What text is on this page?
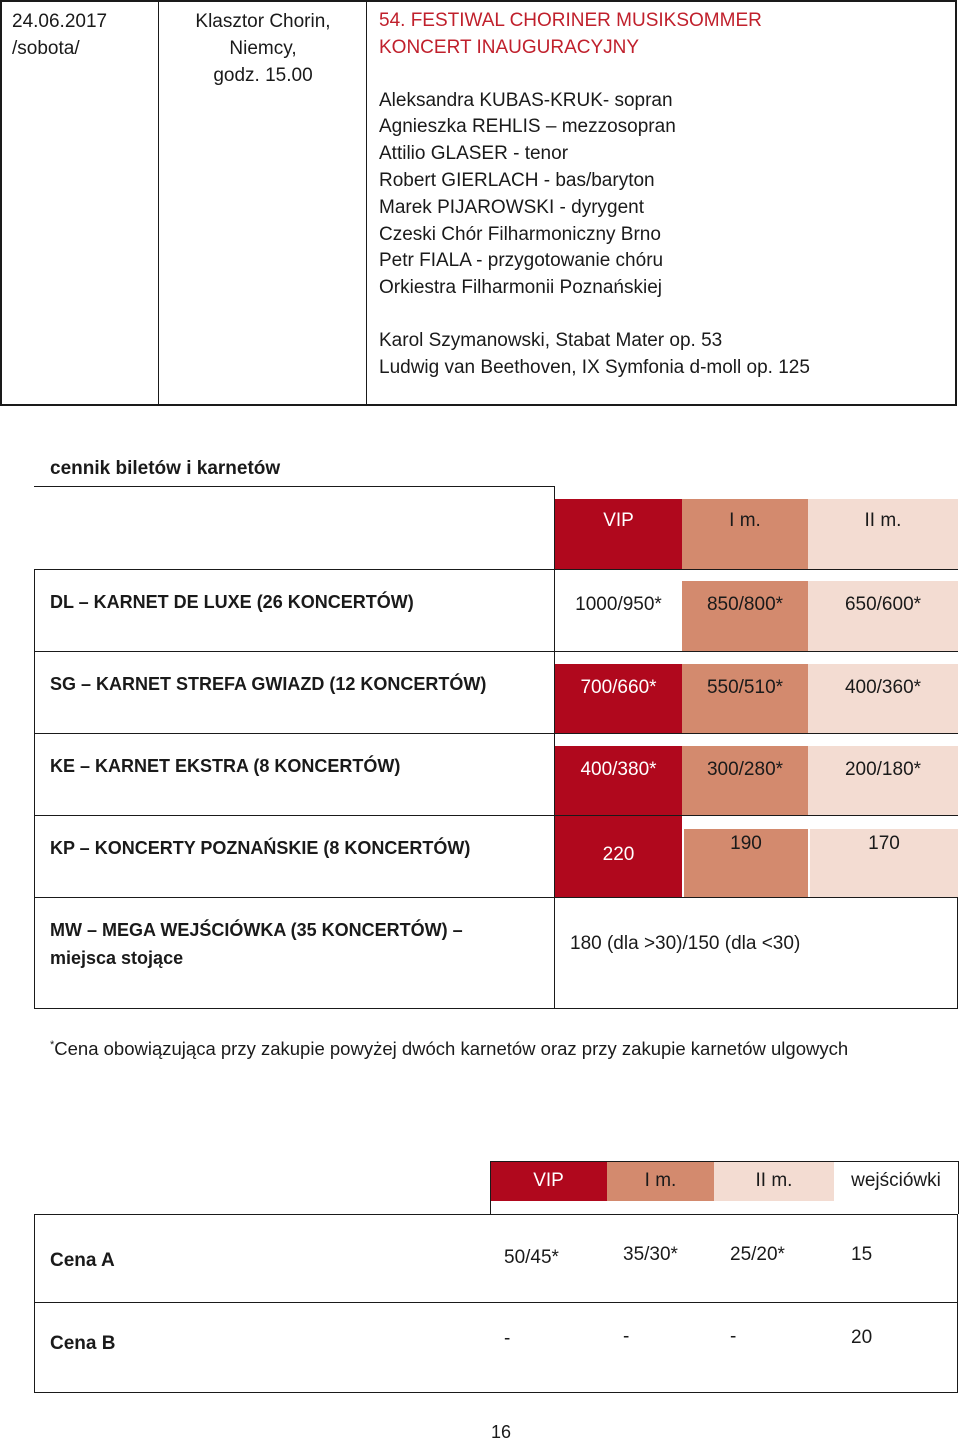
24.06.2017
/sobota/
Klasztor Chorin,
Niemcy,
godz. 15.00
54. FESTIWAL CHORINER MUSIKSOMMER
KONCERT INAUGURACYJNY
Aleksandra KUBAS-KRUK- sopran
Agnieszka REHLIS – mezzosopran
Attilio GLASER - tenor
Robert GIERLACH - bas/baryton
Marek PIJAROWSKI - dyrygent
Czeski Chór Filharmoniczny Brno
Petr FIALA - przygotowanie chóru
Orkiestra Filharmonii Poznańskiej
Karol Szymanowski, Stabat Mater op. 53
Ludwig van Beethoven, IX Symfonia d-moll op. 125
cennik biletów i karnetów
VIP	I m.	II m.
DL – KARNET DE LUXE (26 KONCERTÓW)	1000/950*	850/800*	650/600*
SG – KARNET STREFA GWIAZD (12 KONCERTÓW)	700/660*	550/510*	400/360*
KE – KARNET EKSTRA (8 KONCERTÓW)	400/380*	300/280*	200/180*
KP – KONCERTY POZNAŃSKIE (8 KONCERTÓW)	220	190	170
MW – MEGA WEJŚCIÓWKA (35 KONCERTÓW) –
miejsca stojące
180 (dla >30)/150 (dla <30)
*Cena obowiązująca przy zakupie powyżej dwóch karnetów oraz przy zakupie karnetów ulgowych
VIP	I m.	II m.	wejściówki
Cena A	50/45*	35/30*	25/20*	15
Cena B	-	-	-	20
16
